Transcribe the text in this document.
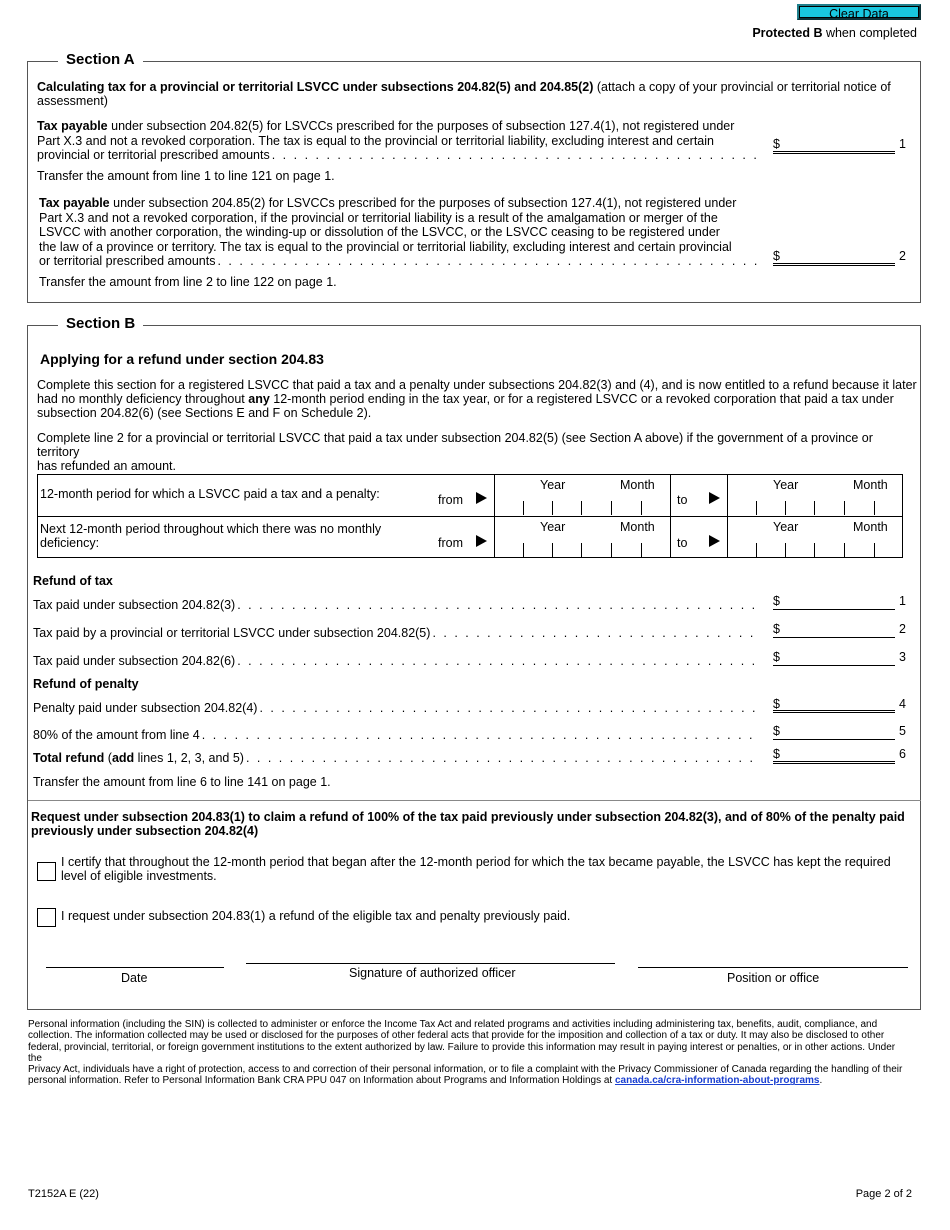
Clear Data
Protected B when completed
Section A
Calculating tax for a provincial or territorial LSVCC under subsections 204.82(5) and 204.85(2) (attach a copy of your provincial or territorial notice of
assessment)
Tax payable under subsection 204.82(5) for LSVCCs prescribed for the purposes of subsection 127.4(1), not registered under
Part X.3 and not a revoked corporation. The tax is equal to the provincial or territorial liability, excluding interest and certain
provincial or territorial prescribed amounts
. . .
$	1
Transfer the amount from line 1 to line 121 on page 1.
Tax payable under subsection 204.85(2) for LSVCCs prescribed for the purposes of subsection 127.4(1), not registered under
Part X.3 and not a revoked corporation, if the provincial or territorial liability is a result of the amalgamation or merger of the
LSVCC with another corporation, the winding-up or dissolution of the LSVCC, or the LSVCC ceasing to be registered under
the law of a province or territory. The tax is equal to the provincial or territorial liability, excluding interest and certain provincial
or territorial prescribed amounts . . .	$	2
Transfer the amount from line 2 to line 122 on page 1.
Section B
Applying for a refund under section 204.83
Complete this section for a registered LSVCC that paid a tax and a penalty under subsections 204.82(3) and (4), and is now entitled to a refund because it later
had no monthly deficiency throughout any 12-month period ending in the tax year, or for a registered LSVCC or a revoked corporation that paid a tax under
subsection 204.82(6) (see Sections E and F on Schedule 2).
Complete line 2 for a provincial or territorial LSVCC that paid a tax under subsection 204.82(5) (see Section A above) if the government of a province or territory
has refunded an amount.
12-month period for which a LSVCC paid a tax and a penalty:	from
Year	Month
to
Year	Month
Next 12-month period throughout which there was no monthly
deficiency:	from
Year	Month
to
Year	Month
Refund of tax
Tax paid under subsection 204.82(3) . . .	$	1
Tax paid by a provincial or territorial LSVCC under subsection 204.82(5) . . .	$	2
Tax paid under subsection 204.82(6) . . .	$	3
Refund of penalty
Penalty paid under subsection 204.82(4) . . .	$	4
80% of the amount from line 4 . . .	$	5
Total refund (add lines 1, 2, 3, and 5) . . .	$	6
Transfer the amount from line 6 to line 141 on page 1.
Request under subsection 204.83(1) to claim a refund of 100% of the tax paid previously under subsection 204.82(3), and of 80% of the penalty paid
previously under subsection 204.82(4)
I certify that throughout the 12-month period that began after the 12-month period for which the tax became payable, the LSVCC has kept the required
level of eligible investments.
I request under subsection 204.83(1) a refund of the eligible tax and penalty previously paid.
Date	Signature of authorized officer	Position or office
Personal information (including the SIN) is collected to administer or enforce the Income Tax Act and related programs and activities including administering tax, benefits, audit, compliance, and
collection. The information collected may be used or disclosed for the purposes of other federal acts that provide for the imposition and collection of a tax or duty. It may also be disclosed to other
federal, provincial, territorial, or foreign government institutions to the extent authorized by law. Failure to provide this information may result in paying interest or penalties, or in other actions. Under the
Privacy Act, individuals have a right of protection, access to and correction of their personal information, or to file a complaint with the Privacy Commissioner of Canada regarding the handling of their
personal information. Refer to Personal Information Bank CRA PPU 047 on Information about Programs and Information Holdings at canada.ca/cra-information-about-programs.
T2152A E (22)	Page 2 of 2
